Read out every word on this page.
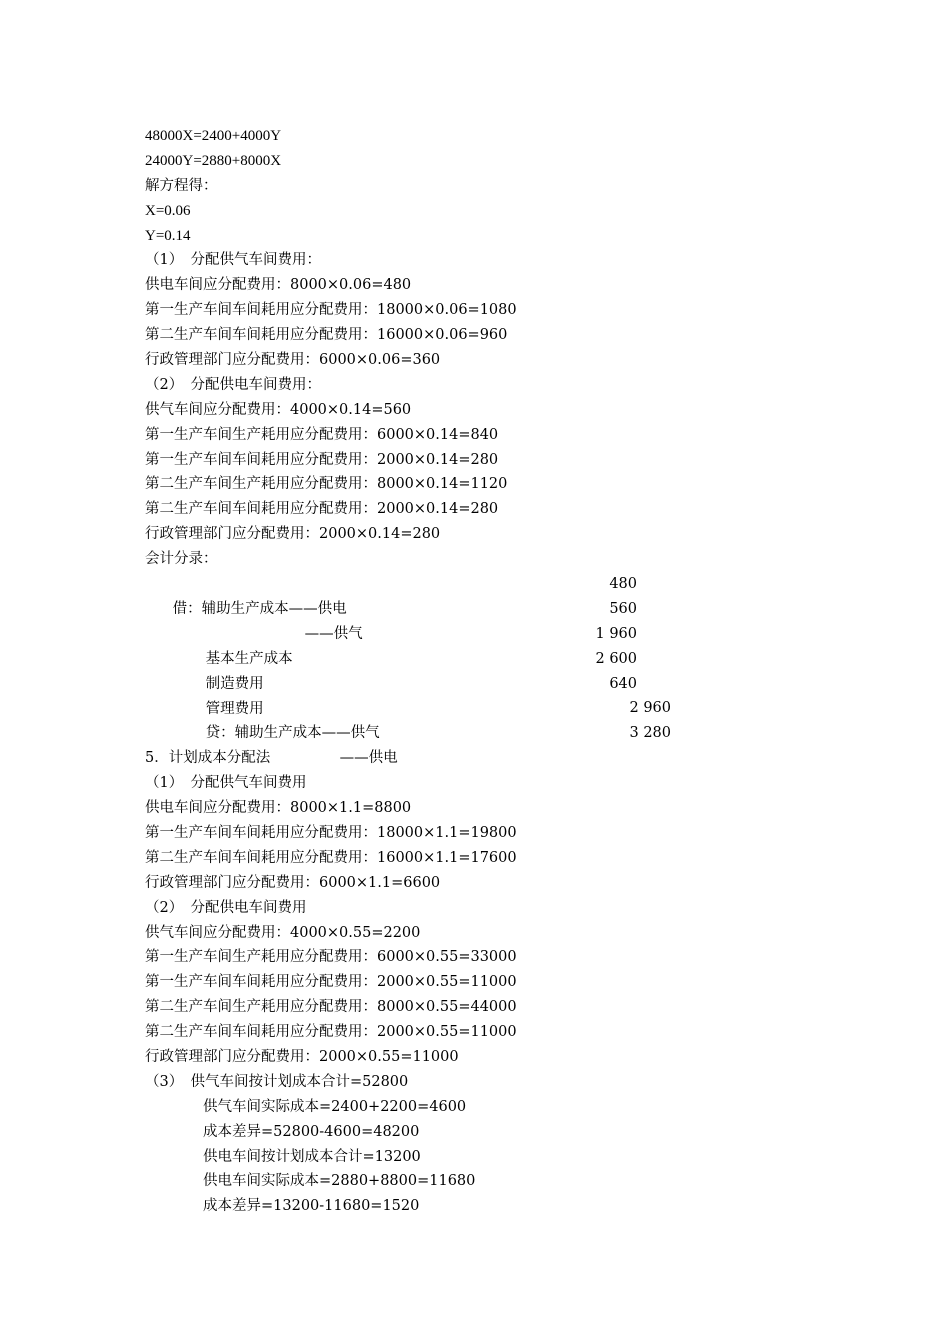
48000X=2400+4000Y
24000Y=2880+8000X
解方程得：
X=0.06
Y=0.14
（1）　分配供气车间费用：
供电车间应分配费用：8000×0.06=480
第一生产车间车间耗用应分配费用：18000×0.06=1080
第二生产车间车间耗用应分配费用：16000×0.06=960
行政管理部门应分配费用：6000×0.06=360
（2）　分配供电车间费用：
供气车间应分配费用：4000×0.14=560
第一生产车间生产耗用应分配费用：6000×0.14=840
第一生产车间车间耗用应分配费用：2000×0.14=280
第二生产车间生产耗用应分配费用：8000×0.14=1120
第二生产车间车间耗用应分配费用：2000×0.14=280
行政管理部门应分配费用：2000×0.14=280
会计分录：

借：辅助生产成本——供电

480

——供气

560

基本生产成本

1 960

制造费用

2 600

管理费用

640

贷：辅助生产成本——供气

2 960

——供电

3 280

5．计划成本分配法
（1）　分配供气车间费用
供电车间应分配费用：8000×1.1=8800
第一生产车间车间耗用应分配费用：18000×1.1=19800
第二生产车间车间耗用应分配费用：16000×1.1=17600
行政管理部门应分配费用：6000×1.1=6600
（2）　分配供电车间费用
供气车间应分配费用：4000×0.55=2200
第一生产车间生产耗用应分配费用：6000×0.55=33000
第一生产车间车间耗用应分配费用：2000×0.55=11000
第二生产车间生产耗用应分配费用：8000×0.55=44000
第二生产车间车间耗用应分配费用：2000×0.55=11000
行政管理部门应分配费用：2000×0.55=11000
（3）　供气车间按计划成本合计=52800
供气车间实际成本=2400+2200=4600
成本差异=52800-4600=48200
供电车间按计划成本合计=13200
供电车间实际成本=2880+8800=11680
成本差异=13200-11680=1520
